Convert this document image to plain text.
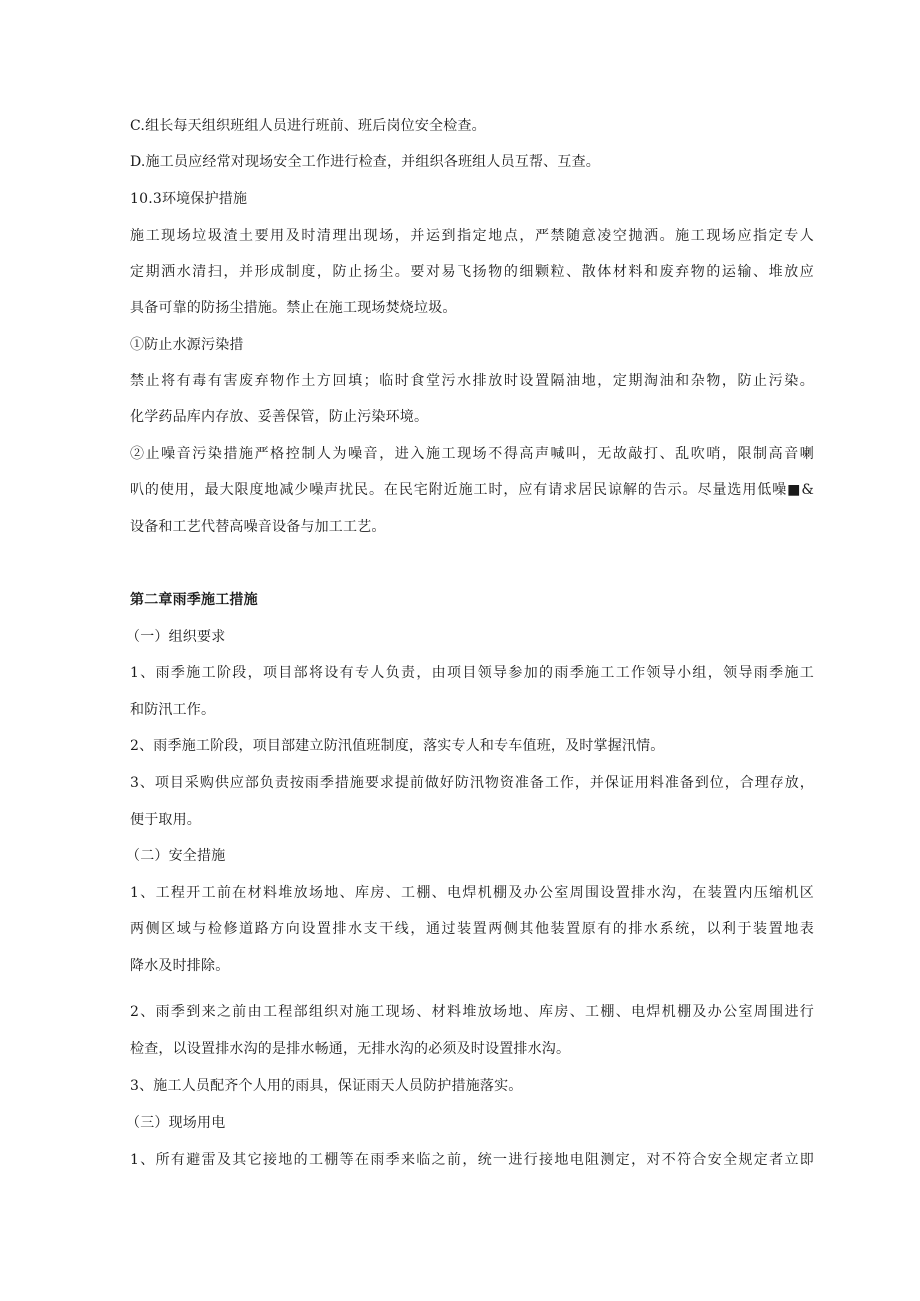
C.组长每天组织班组人员进行班前、班后岗位安全检查。
D.施工员应经常对现场安全工作进行检查，并组织各班组人员互帮、互查。
10.3环境保护措施
施工现场垃圾渣土要用及时清理出现场，并运到指定地点，严禁随意凌空抛洒。施工现场应指定专人
定期洒水清扫，并形成制度，防止扬尘。要对易飞扬物的细颗粒、散体材料和废弃物的运输、堆放应
具备可靠的防扬尘措施。禁止在施工现场焚烧垃圾。
①防止水源污染措
禁止将有毒有害废弃物作土方回填；临时食堂污水排放时设置隔油地，定期淘油和杂物，防止污染。
化学药品库内存放、妥善保管，防止污染环境。
②止噪音污染措施严格控制人为噪音，进入施工现场不得高声喊叫，无故敲打、乱吹哨，限制高音喇
叭的使用，最大限度地减少噪声扰民。在民宅附近施工时，应有请求居民谅解的告示。尽量选用低噪■&
设备和工艺代替高噪音设备与加工工艺。
第二章雨季施工措施
（一）组织要求
1、雨季施工阶段，项目部将设有专人负责，由项目领导参加的雨季施工工作领导小组，领导雨季施工
和防汛工作。
2、雨季施工阶段，项目部建立防汛值班制度，落实专人和专车值班，及时掌握汛情。
3、项目采购供应部负责按雨季措施要求提前做好防汛物资准备工作，并保证用料准备到位，合理存放，
便于取用。
（二）安全措施
1、工程开工前在材料堆放场地、库房、工棚、电焊机棚及办公室周围设置排水沟，在装置内压缩机区
两侧区域与检修道路方向设置排水支干线，通过装置两侧其他装置原有的排水系统，以利于装置地表
降水及时排除。
2、雨季到来之前由工程部组织对施工现场、材料堆放场地、库房、工棚、电焊机棚及办公室周围进行
检查，以设置排水沟的是排水畅通，无排水沟的必须及时设置排水沟。
3、施工人员配齐个人用的雨具，保证雨天人员防护措施落实。
（三）现场用电
1、所有避雷及其它接地的工棚等在雨季来临之前，统一进行接地电阻测定，对不符合安全规定者立即
